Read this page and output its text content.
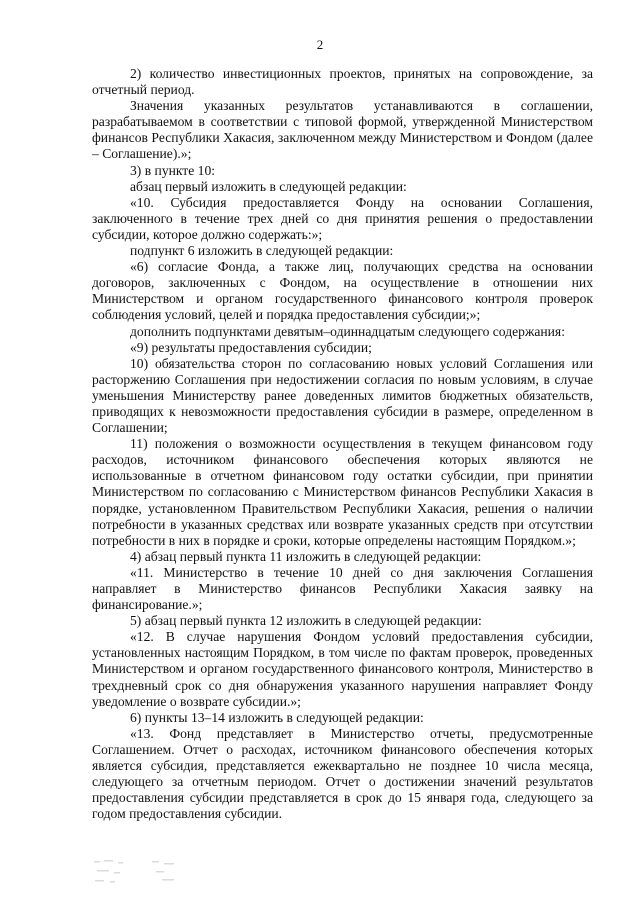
2

2) количество инвестиционных проектов, принятых на сопровождение, за отчетный период.

Значения указанных результатов устанавливаются в соглашении, разрабатываемом в соответствии с типовой формой, утвержденной Министерством финансов Республики Хакасия, заключенном между Министерством и Фондом (далее – Соглашение).»;

3) в пункте 10:

абзац первый изложить в следующей редакции:

«10. Субсидия предоставляется Фонду на основании Соглашения, заключенного в течение трех дней со дня принятия решения о предоставлении субсидии, которое должно содержать:»;

подпункт 6 изложить в следующей редакции:

«6) согласие Фонда, а также лиц, получающих средства на основании договоров, заключенных с Фондом, на осуществление в отношении них Министерством и органом государственного финансового контроля проверок соблюдения условий, целей и порядка предоставления субсидии;»;

дополнить подпунктами девятым–одиннадцатым следующего содержания:

«9) результаты предоставления субсидии;

10) обязательства сторон по согласованию новых условий Соглашения или расторжению Соглашения при недостижении согласия по новым условиям, в случае уменьшения Министерству ранее доведенных лимитов бюджетных обязательств, приводящих к невозможности предоставления субсидии в размере, определенном в Соглашении;

11) положения о возможности осуществления в текущем финансовом году расходов, источником финансового обеспечения которых являются не использованные в отчетном финансовом году остатки субсидии, при принятии Министерством по согласованию с Министерством финансов Республики Хакасия в порядке, установленном Правительством Республики Хакасия, решения о наличии потребности в указанных средствах или возврате указанных средств при отсутствии потребности в них в порядке и сроки, которые определены настоящим Порядком.»;

4) абзац первый пункта 11 изложить в следующей редакции:

«11. Министерство в течение 10 дней со дня заключения Соглашения направляет в Министерство финансов Республики Хакасия заявку на финансирование.»;

5) абзац первый пункта 12 изложить в следующей редакции:

«12. В случае нарушения Фондом условий предоставления субсидии, установленных настоящим Порядком, в том числе по фактам проверок, проведенных Министерством и органом государственного финансового контроля, Министерство в трехдневный срок со дня обнаружения указанного нарушения направляет Фонду уведомление о возврате субсидии.»;

6) пункты 13–14 изложить в следующей редакции:

«13. Фонд представляет в Министерство отчеты, предусмотренные Соглашением. Отчет о расходах, источником финансового обеспечения которых является субсидия, представляется ежеквартально не позднее 10 числа месяца, следующего за отчетным периодом. Отчет о достижении значений результатов предоставления субсидии представляется в срок до 15 января года, следующего за годом предоставления субсидии.
